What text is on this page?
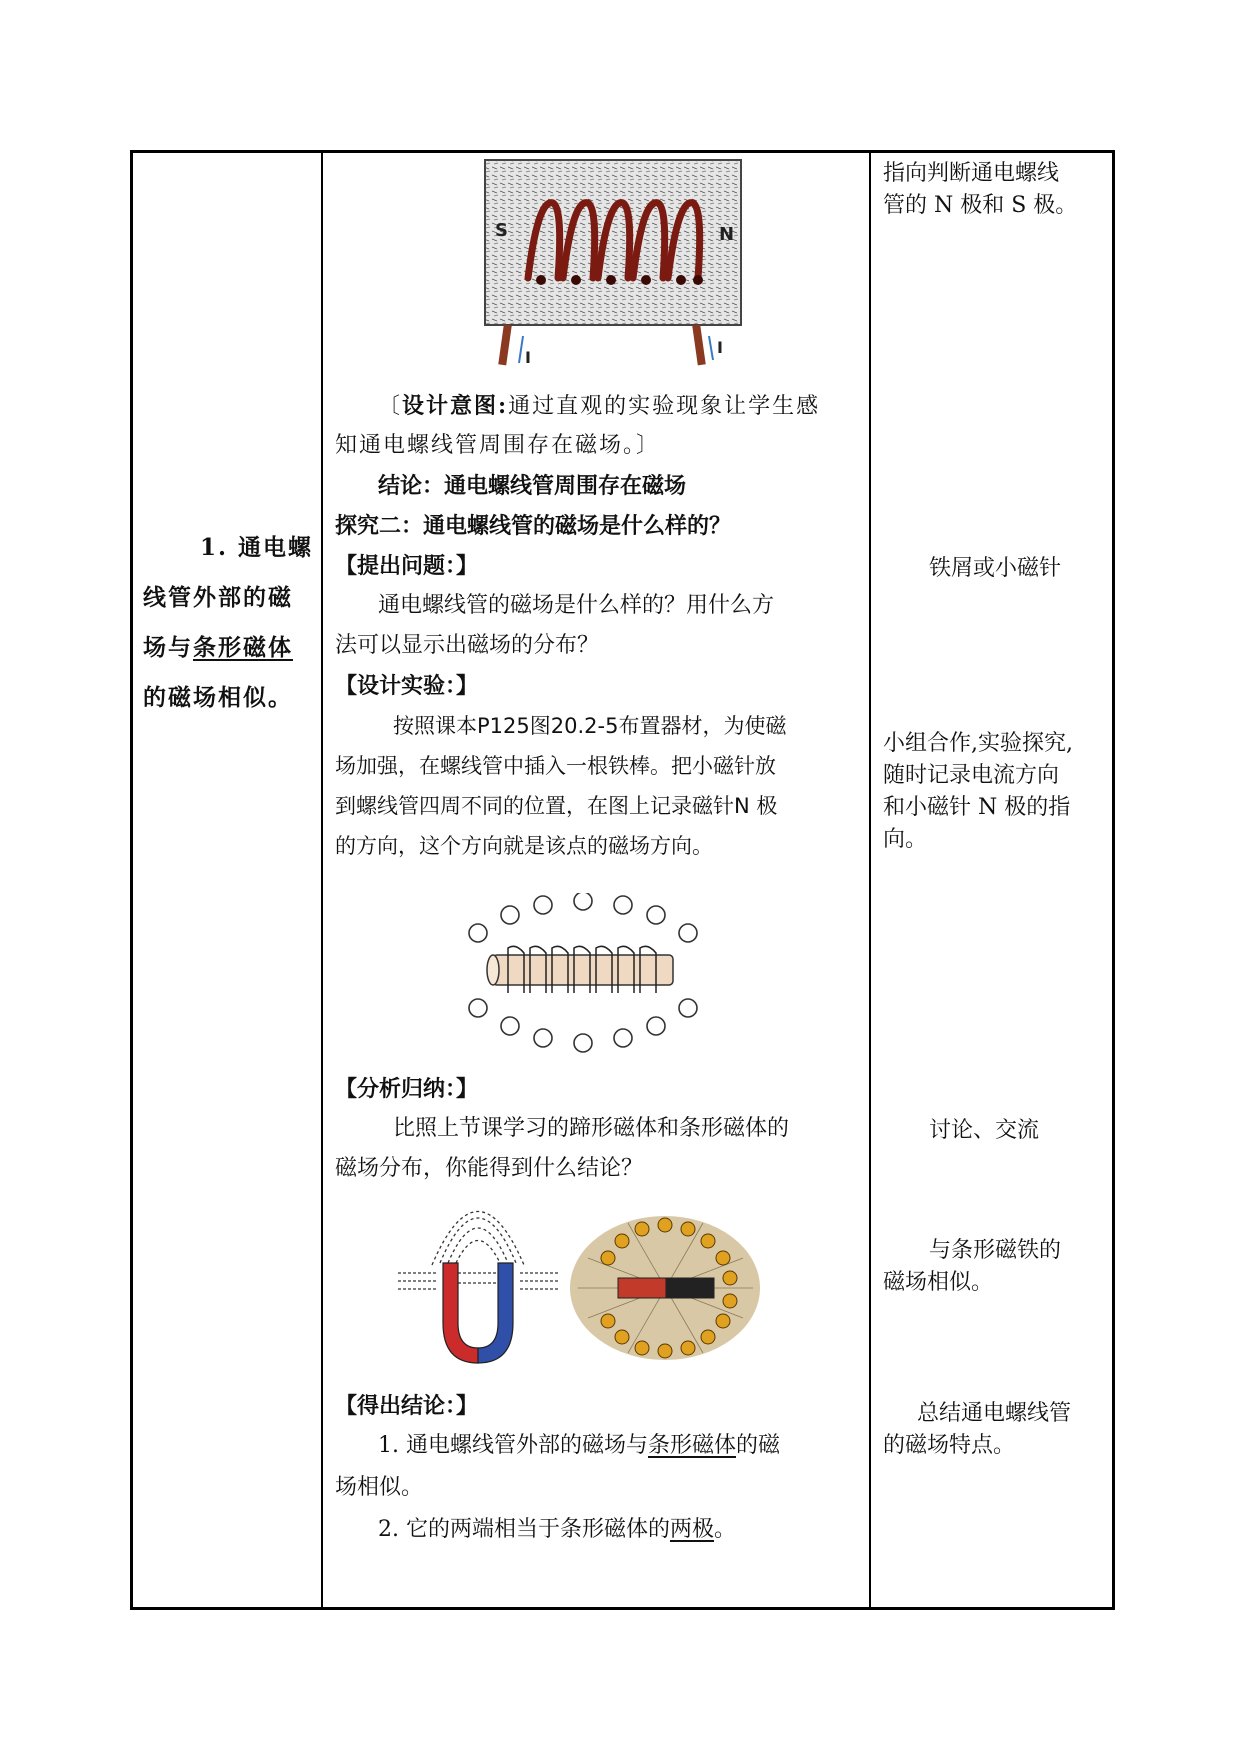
1. 通电螺
线管外部的磁
场与条形磁体
的磁场相似。
S	N
I
I
〔设计意图:通过直观的实验现象让学生感
知通电螺线管周围存在磁场。〕
结论：通电螺线管周围存在磁场
探究二：通电螺线管的磁场是什么样的？
【提出问题：】
通电螺线管的磁场是什么样的？用什么方
法可以显示出磁场的分布？
【设计实验：】
按照课本P125图20.2-5布置器材，为使磁
场加强，在螺线管中插入一根铁棒。把小磁针放
到螺线管四周不同的位置，在图上记录磁针N 极
的方向，这个方向就是该点的磁场方向。
【分析归纳：】
比照上节课学习的蹄形磁体和条形磁体的
磁场分布，你能得到什么结论？
【得出结论：】
1. 通电螺线管外部的磁场与条形磁体的磁
场相似。
2. 它的两端相当于条形磁体的两极。
指向判断通电螺线
管的 N 极和 S 极。
铁屑或小磁针
小组合作,实验探究,
随时记录电流方向
和小磁针 N 极的指
向。
讨论、交流
与条形磁铁的
磁场相似。
总结通电螺线管
的磁场特点。
